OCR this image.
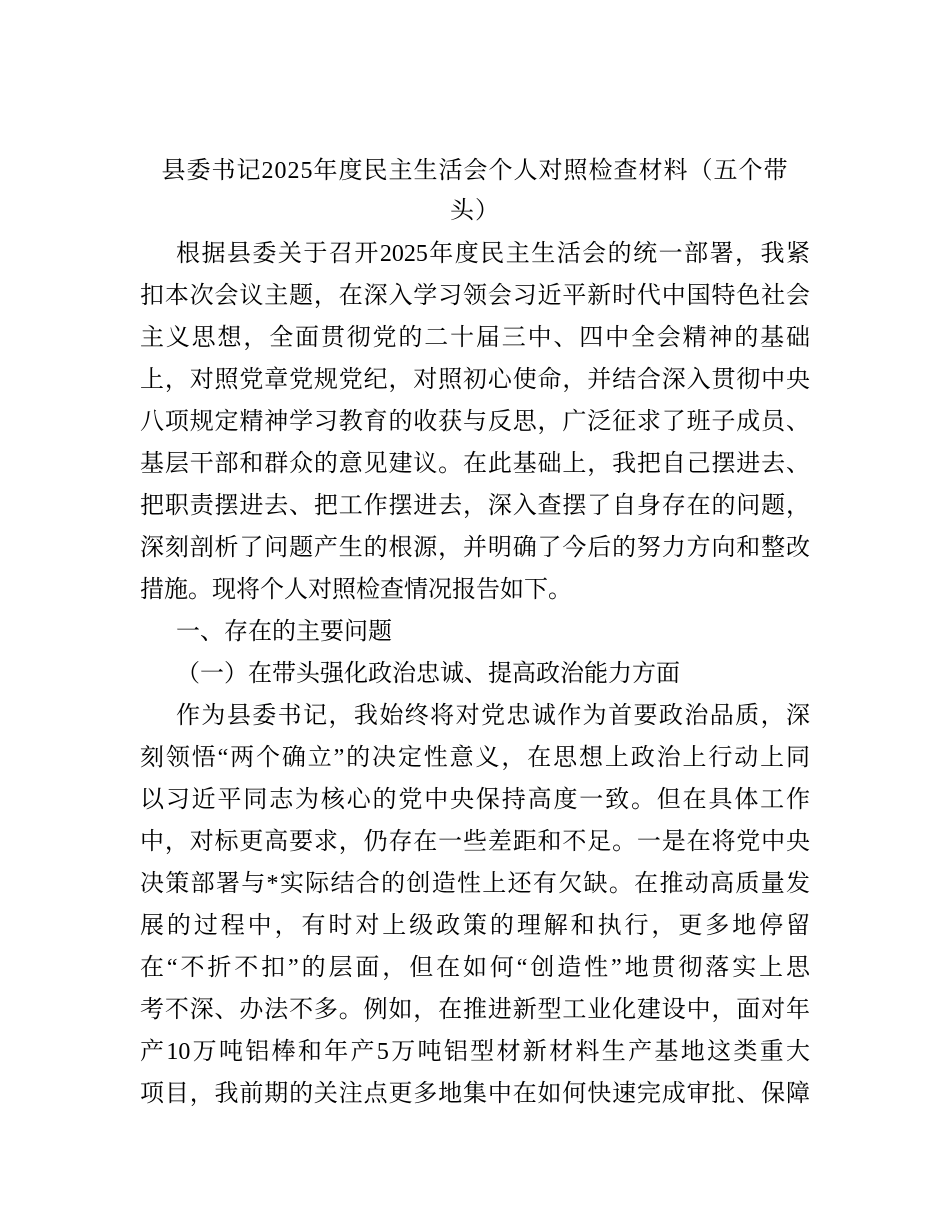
县委书记2025年度民主生活会个人对照检查材料（五个带
头）
根据县委关于召开2025年度民主生活会的统一部署，我紧
扣本次会议主题，在深入学习领会习近平新时代中国特色社会
主义思想，全面贯彻党的二十届三中、四中全会精神的基础
上，对照党章党规党纪，对照初心使命，并结合深入贯彻中央
八项规定精神学习教育的收获与反思，广泛征求了班子成员、
基层干部和群众的意见建议。在此基础上，我把自己摆进去、
把职责摆进去、把工作摆进去，深入查摆了自身存在的问题，
深刻剖析了问题产生的根源，并明确了今后的努力方向和整改
措施。现将个人对照检查情况报告如下。
一、存在的主要问题
（一）在带头强化政治忠诚、提高政治能力方面
作为县委书记，我始终将对党忠诚作为首要政治品质，深
刻领悟“两个确立”的决定性意义，在思想上政治上行动上同
以习近平同志为核心的党中央保持高度一致。但在具体工作
中，对标更高要求，仍存在一些差距和不足。一是在将党中央
决策部署与*实际结合的创造性上还有欠缺。在推动高质量发
展的过程中，有时对上级政策的理解和执行，更多地停留
在“不折不扣”的层面，但在如何“创造性”地贯彻落实上思
考不深、办法不多。例如，在推进新型工业化建设中，面对年
产10万吨铝棒和年产5万吨铝型材新材料生产基地这类重大
项目，我前期的关注点更多地集中在如何快速完成审批、保障
